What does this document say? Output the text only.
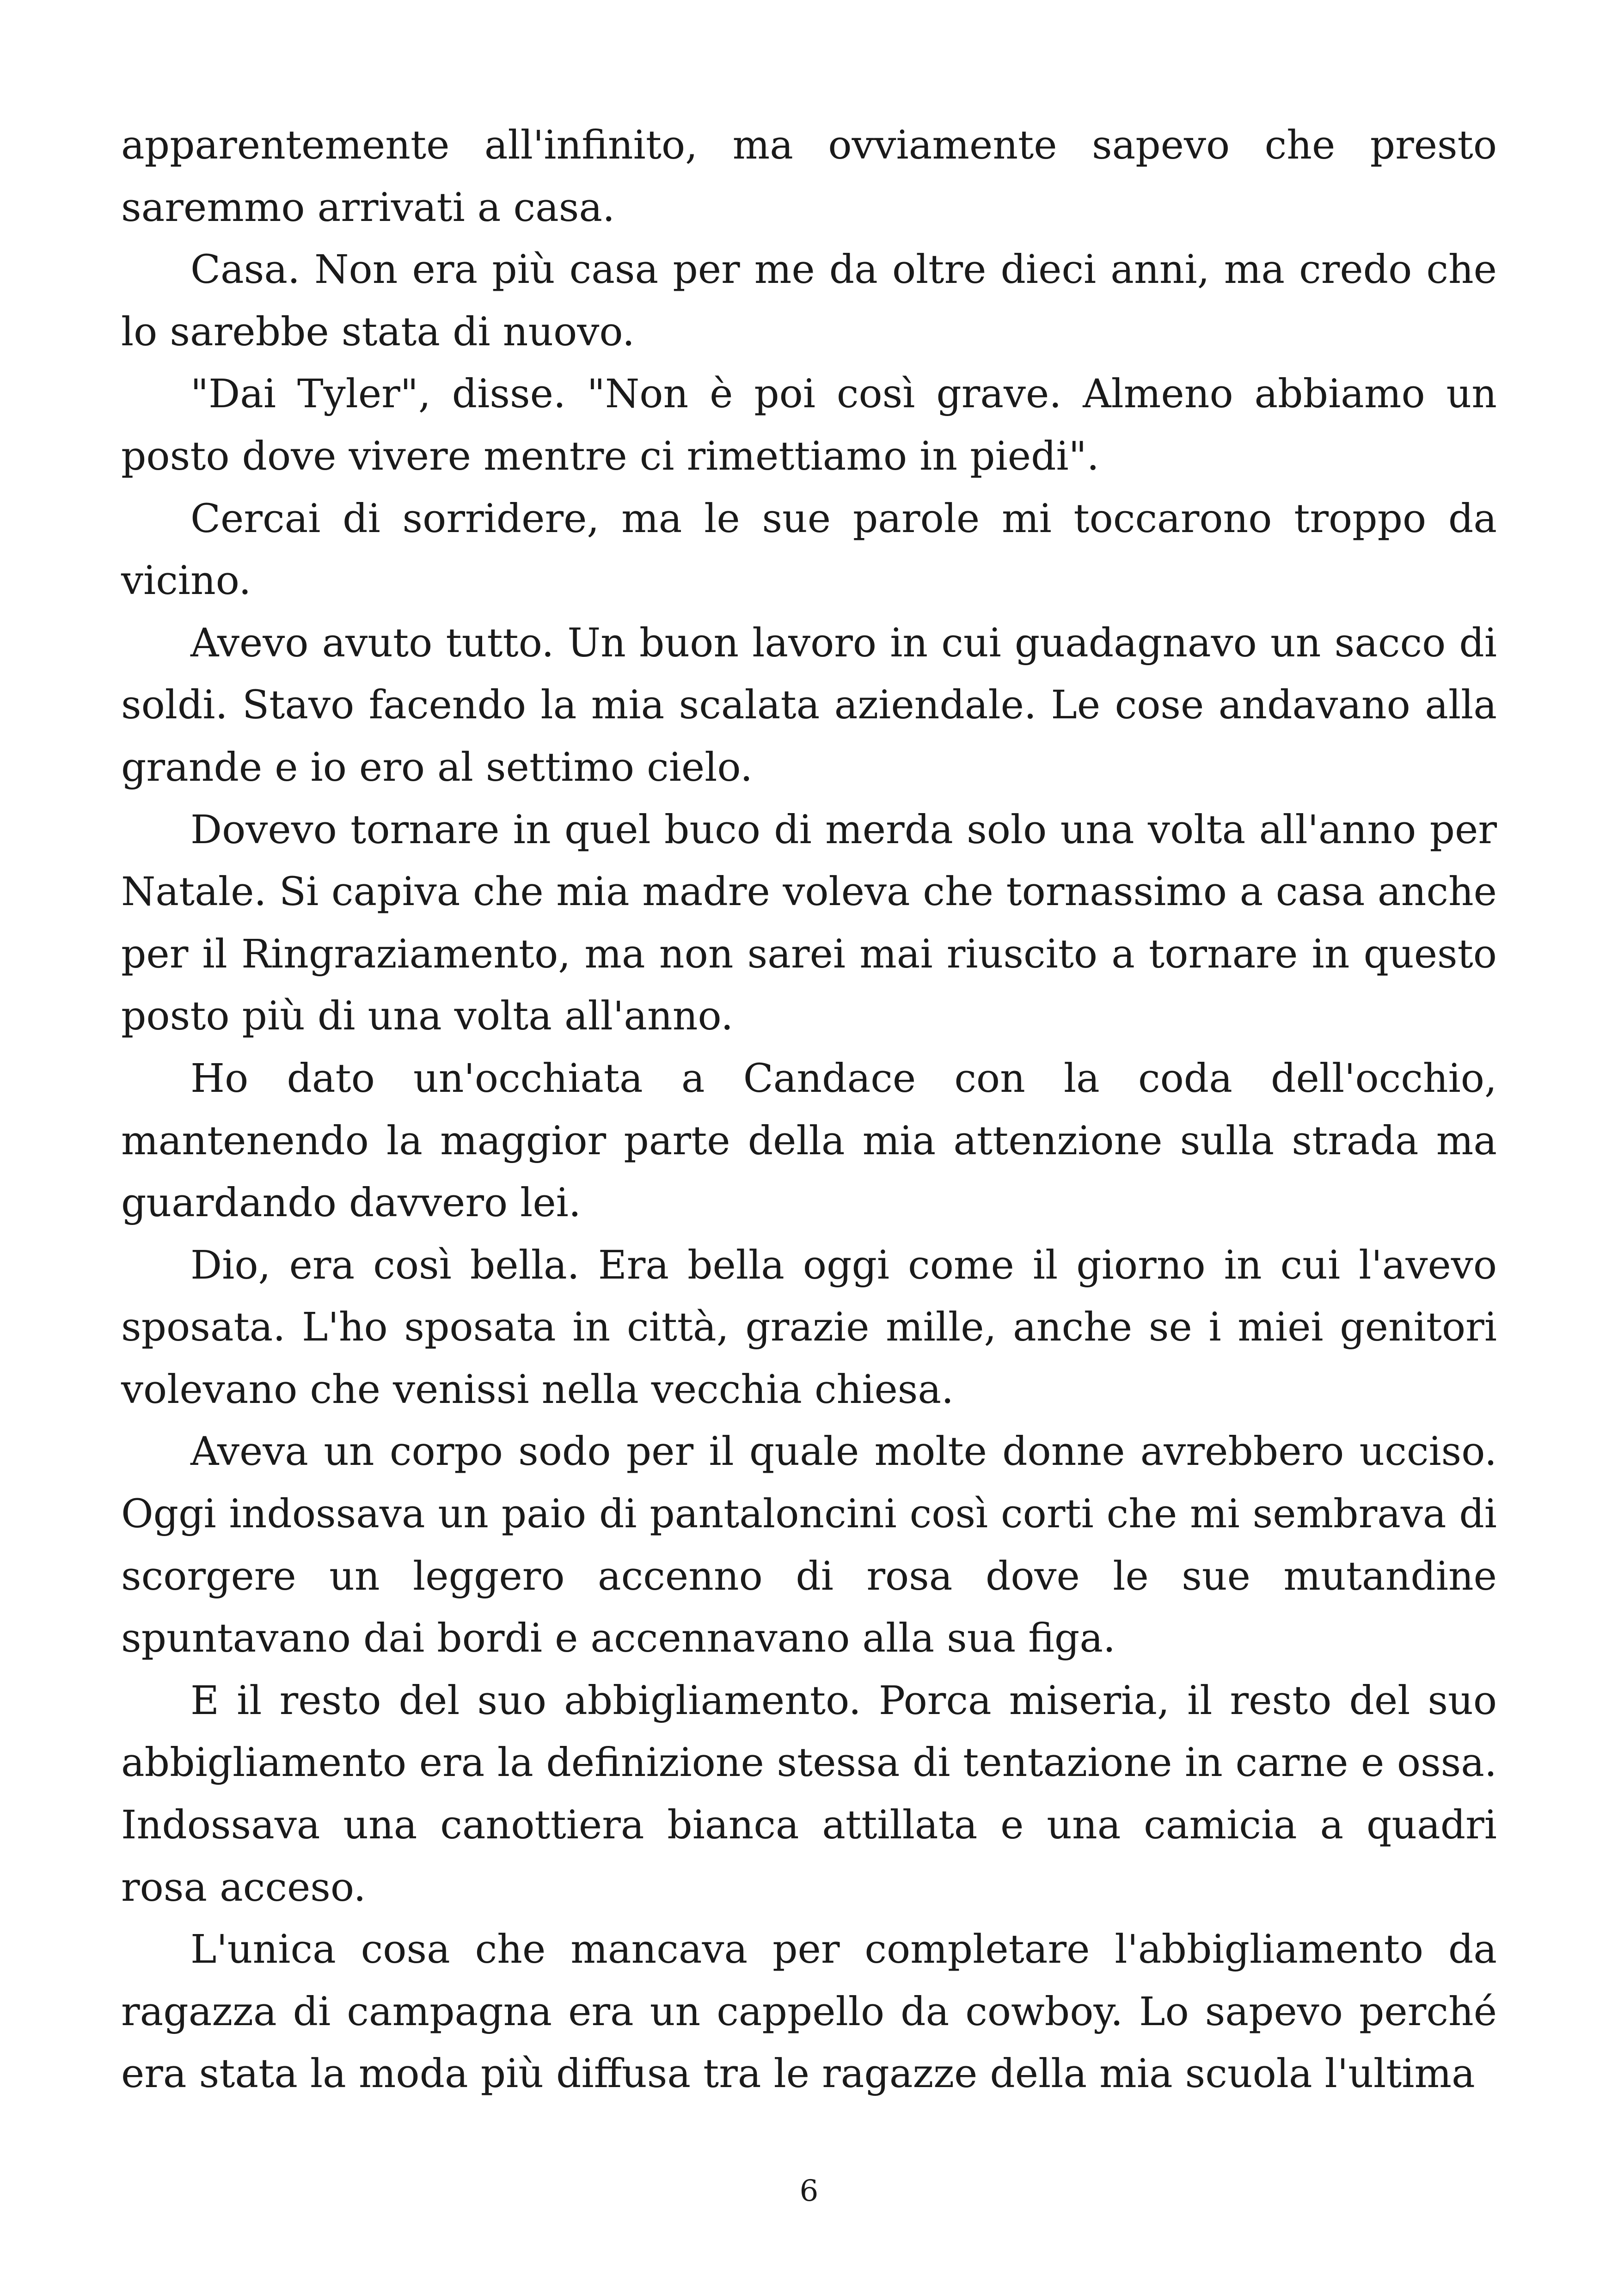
apparentemente all'infinito, ma ovviamente sapevo che presto saremmo arrivati a casa.

Casa. Non era più casa per me da oltre dieci anni, ma credo che lo sarebbe stata di nuovo.

"Dai Tyler", disse. "Non è poi così grave. Almeno abbiamo un posto dove vivere mentre ci rimettiamo in piedi".

Cercai di sorridere, ma le sue parole mi toccarono troppo da vicino.

Avevo avuto tutto. Un buon lavoro in cui guadagnavo un sacco di soldi. Stavo facendo la mia scalata aziendale. Le cose andavano alla grande e io ero al settimo cielo.

Dovevo tornare in quel buco di merda solo una volta all'anno per Natale. Si capiva che mia madre voleva che tornassimo a casa anche per il Ringraziamento, ma non sarei mai riuscito a tornare in questo posto più di una volta all'anno.

Ho dato un'occhiata a Candace con la coda dell'occhio, mantenendo la maggior parte della mia attenzione sulla strada ma guardando davvero lei.

Dio, era così bella. Era bella oggi come il giorno in cui l'avevo sposata. L'ho sposata in città, grazie mille, anche se i miei genitori volevano che venissi nella vecchia chiesa.

Aveva un corpo sodo per il quale molte donne avrebbero ucciso. Oggi indossava un paio di pantaloncini così corti che mi sembrava di scorgere un leggero accenno di rosa dove le sue mutandine spuntavano dai bordi e accennavano alla sua figa.

E il resto del suo abbigliamento. Porca miseria, il resto del suo abbigliamento era la definizione stessa di tentazione in carne e ossa. Indossava una canottiera bianca attillata e una camicia a quadri rosa acceso.

L'unica cosa che mancava per completare l'abbigliamento da ragazza di campagna era un cappello da cowboy. Lo sapevo perché era stata la moda più diffusa tra le ragazze della mia scuola l'ultima

6
